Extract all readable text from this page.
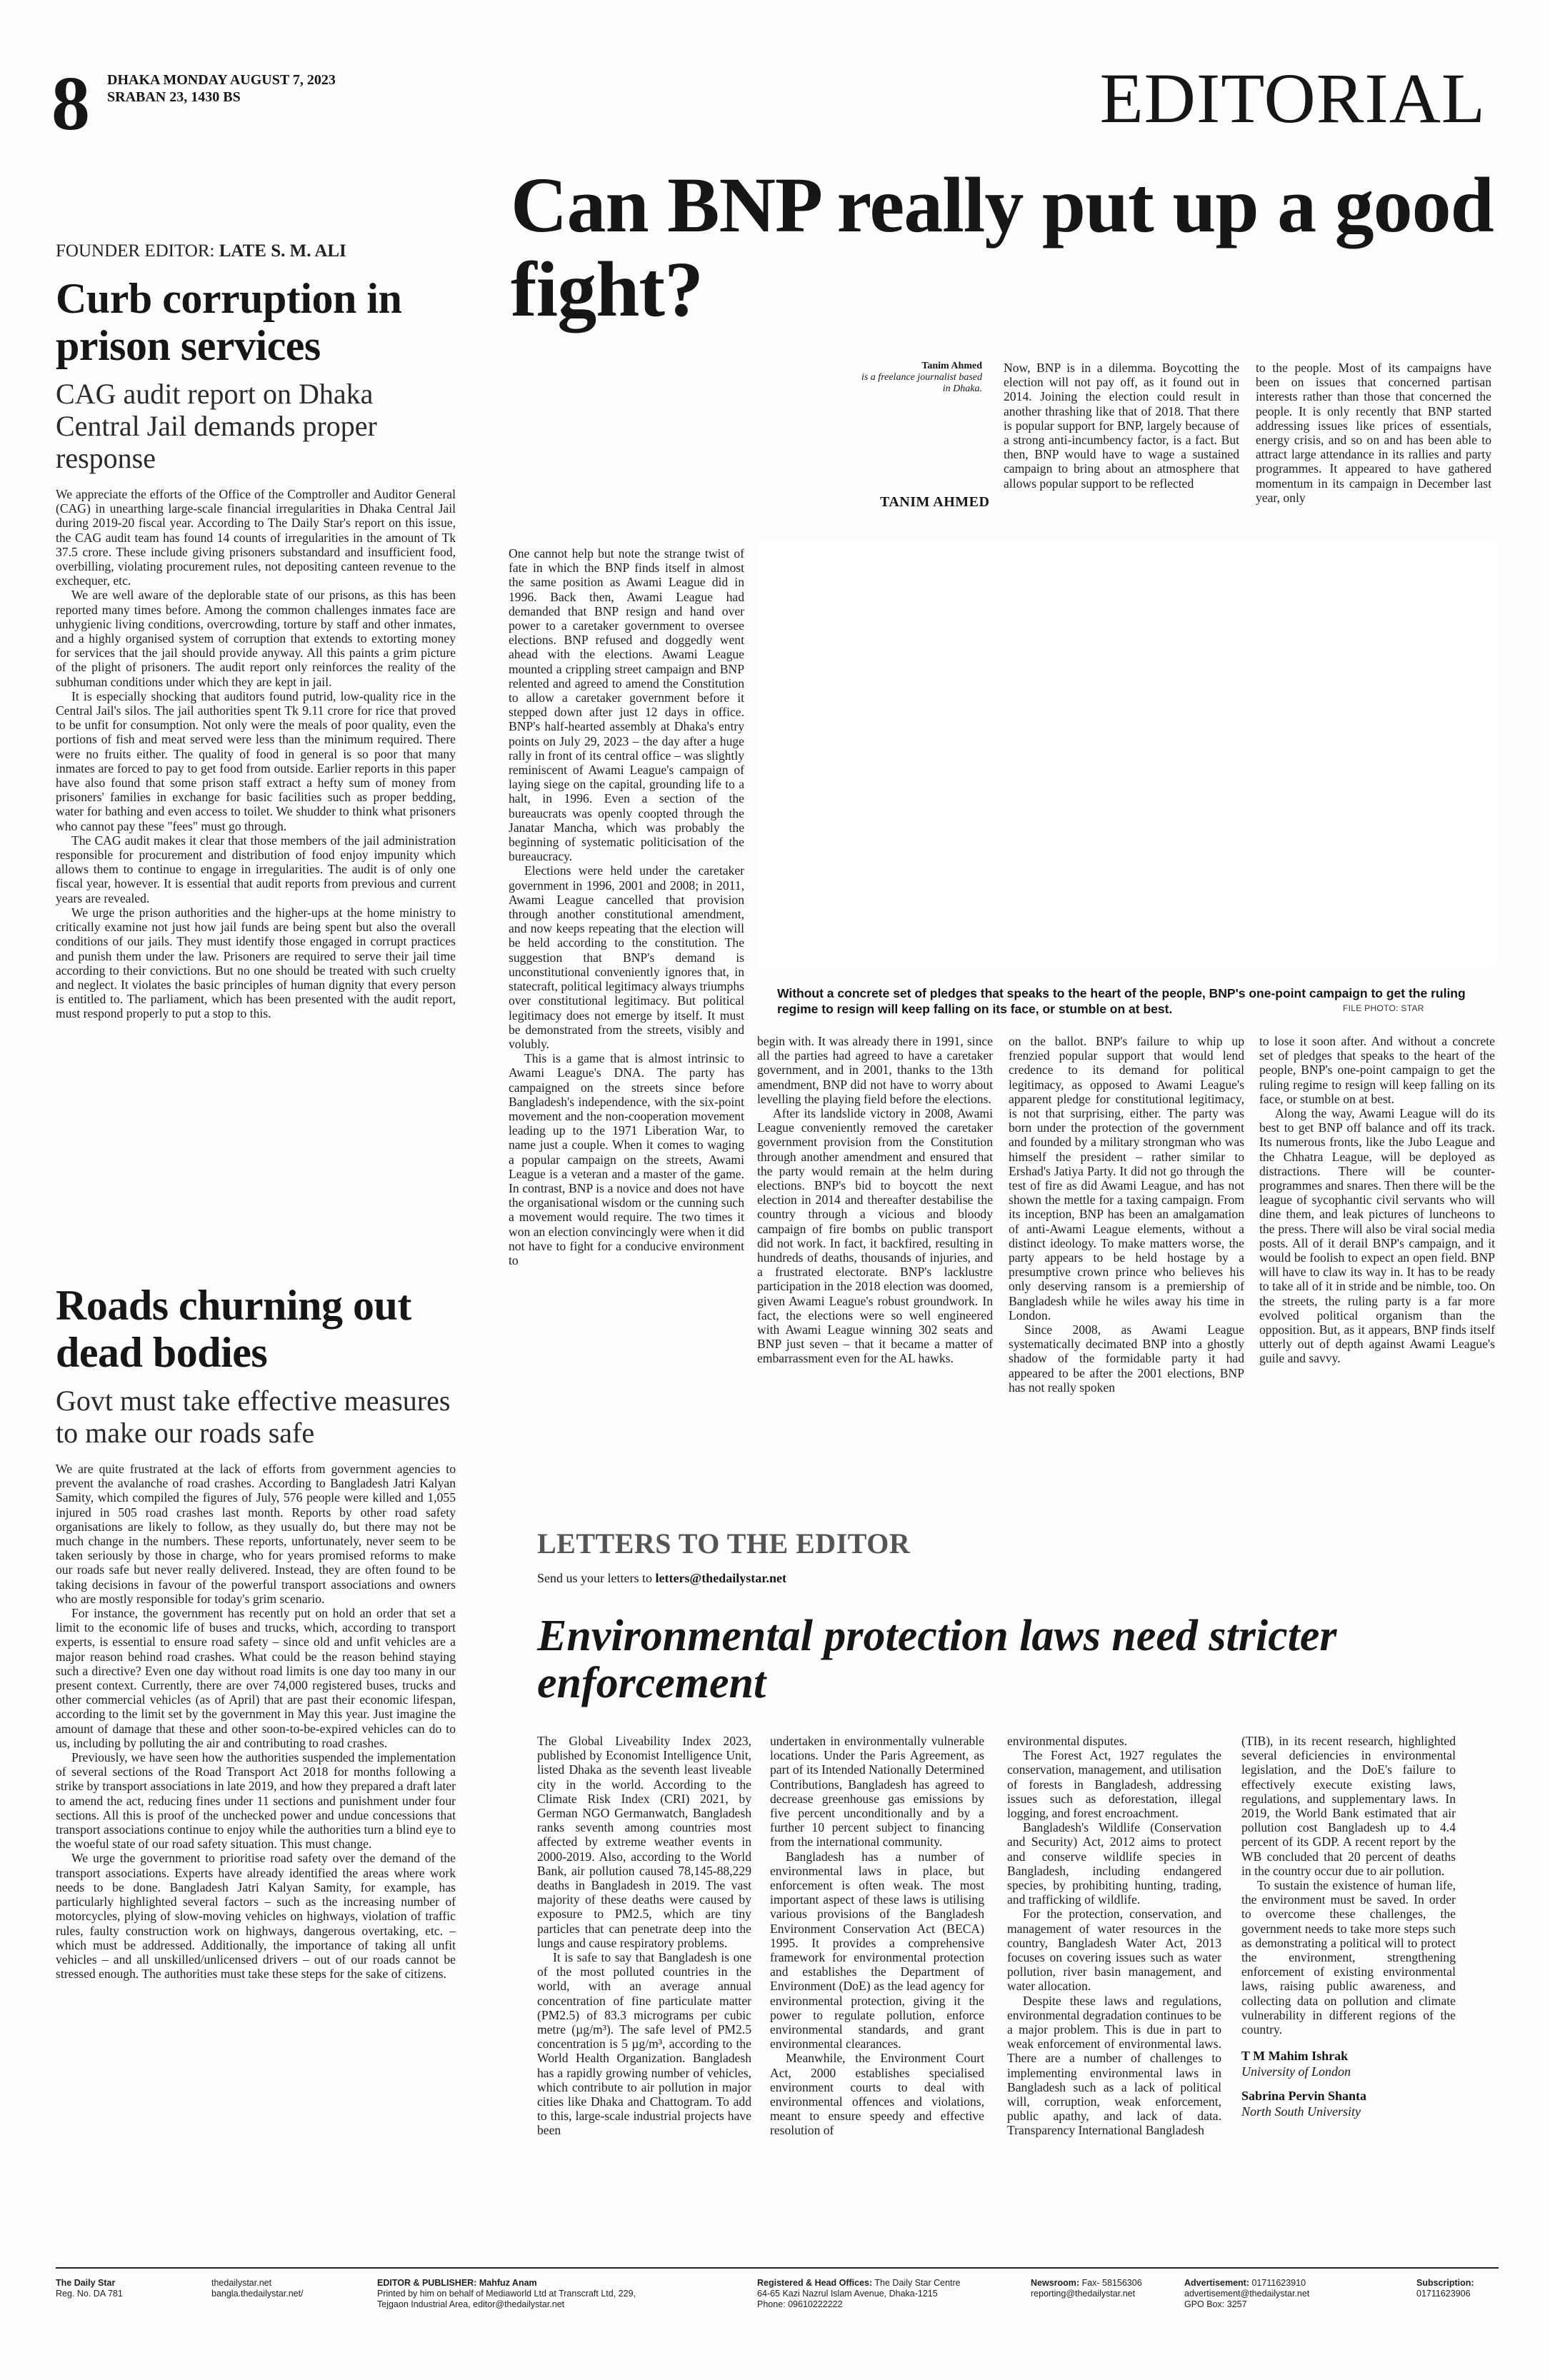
8 DHAKA MONDAY AUGUST 7, 2023
SRABAN 23, 1430 BS	EDITORIAL
FOUNDER EDITOR: LATE S. M. ALI
Curb corruption in prison services
CAG audit report on Dhaka Central Jail demands proper response

We appreciate the efforts of the Office of the Comptroller and Auditor General (CAG) in unearthing large-scale financial irregularities in Dhaka Central Jail during 2019-20 fiscal year. According to The Daily Star's report on this issue, the CAG audit team has found 14 counts of irregularities in the amount of Tk 37.5 crore. These include giving prisoners substandard and insufficient food, overbilling, violating procurement rules, not depositing canteen revenue to the exchequer, etc.

We are well aware of the deplorable state of our prisons, as this has been reported many times before. Among the common challenges inmates face are unhygienic living conditions, overcrowding, torture by staff and other inmates, and a highly organised system of corruption that extends to extorting money for services that the jail should provide anyway. All this paints a grim picture of the plight of prisoners. The audit report only reinforces the reality of the subhuman conditions under which they are kept in jail.

It is especially shocking that auditors found putrid, low-quality rice in the Central Jail's silos. The jail authorities spent Tk 9.11 crore for rice that proved to be unfit for consumption. Not only were the meals of poor quality, even the portions of fish and meat served were less than the minimum required. There were no fruits either. The quality of food in general is so poor that many inmates are forced to pay to get food from outside. Earlier reports in this paper have also found that some prison staff extract a hefty sum of money from prisoners' families in exchange for basic facilities such as proper bedding, water for bathing and even access to toilet. We shudder to think what prisoners who cannot pay these "fees" must go through.

The CAG audit makes it clear that those members of the jail administration responsible for procurement and distribution of food enjoy impunity which allows them to continue to engage in irregularities. The audit is of only one fiscal year, however. It is essential that audit reports from previous and current years are revealed.

We urge the prison authorities and the higher-ups at the home ministry to critically examine not just how jail funds are being spent but also the overall conditions of our jails. They must identify those engaged in corrupt practices and punish them under the law. Prisoners are required to serve their jail time according to their convictions. But no one should be treated with such cruelty and neglect. It violates the basic principles of human dignity that every person is entitled to. The parliament, which has been presented with the audit report, must respond properly to put a stop to this.

Roads churning out dead bodies
Govt must take effective measures to make our roads safe

We are quite frustrated at the lack of efforts from government agencies to prevent the avalanche of road crashes. According to Bangladesh Jatri Kalyan Samity, which compiled the figures of July, 576 people were killed and 1,055 injured in 505 road crashes last month. Reports by other road safety organisations are likely to follow, as they usually do, but there may not be much change in the numbers. These reports, unfortunately, never seem to be taken seriously by those in charge, who for years promised reforms to make our roads safe but never really delivered. Instead, they are often found to be taking decisions in favour of the powerful transport associations and owners who are mostly responsible for today's grim scenario.

For instance, the government has recently put on hold an order that set a limit to the economic life of buses and trucks, which, according to transport experts, is essential to ensure road safety – since old and unfit vehicles are a major reason behind road crashes. What could be the reason behind staying such a directive? Even one day without road limits is one day too many in our present context. Currently, there are over 74,000 registered buses, trucks and other commercial vehicles (as of April) that are past their economic lifespan, according to the limit set by the government in May this year. Just imagine the amount of damage that these and other soon-to-be-expired vehicles can do to us, including by polluting the air and contributing to road crashes.

Previously, we have seen how the authorities suspended the implementation of several sections of the Road Transport Act 2018 for months following a strike by transport associations in late 2019, and how they prepared a draft later to amend the act, reducing fines under 11 sections and punishment under four sections. All this is proof of the unchecked power and undue concessions that transport associations continue to enjoy while the authorities turn a blind eye to the woeful state of our road safety situation. This must change.

We urge the government to prioritise road safety over the demand of the transport associations. Experts have already identified the areas where work needs to be done. Bangladesh Jatri Kalyan Samity, for example, has particularly highlighted several factors – such as the increasing number of motorcycles, plying of slow-moving vehicles on highways, violation of traffic rules, faulty construction work on highways, dangerous overtaking, etc. – which must be addressed. Additionally, the importance of taking all unfit vehicles – and all unskilled/unlicensed drivers – out of our roads cannot be stressed enough. The authorities must take these steps for the sake of citizens.

Can BNP really put up a good fight?
Tanim Ahmed
is a freelance journalist based in Dhaka.
TANIM AHMED

Now, BNP is in a dilemma. Boycotting the election will not pay off, as it found out in 2014. Joining the election could result in another thrashing like that of 2018. That there is popular support for BNP, largely because of a strong anti-incumbency factor, is a fact. But then, BNP would have to wage a sustained campaign to bring about an atmosphere that allows popular support to be reflected

to the people. Most of its campaigns have been on issues that concerned partisan interests rather than those that concerned the people. It is only recently that BNP started addressing issues like prices of essentials, energy crisis, and so on and has been able to attract large attendance in its rallies and party programmes. It appeared to have gathered momentum in its campaign in December last year, only

One cannot help but note the strange twist of fate in which the BNP finds itself in almost the same position as Awami League did in 1996. Back then, Awami League had demanded that BNP resign and hand over power to a caretaker government to oversee elections. BNP refused and doggedly went ahead with the elections. Awami League mounted a crippling street campaign and BNP relented and agreed to amend the Constitution to allow a caretaker government before it stepped down after just 12 days in office. BNP's half-hearted assembly at Dhaka's entry points on July 29, 2023 – the day after a huge rally in front of its central office – was slightly reminiscent of Awami League's campaign of laying siege on the capital, grounding life to a halt, in 1996. Even a section of the bureaucrats was openly coopted through the Janatar Mancha, which was probably the beginning of systematic politicisation of the bureaucracy.

Elections were held under the caretaker government in 1996, 2001 and 2008; in 2011, Awami League cancelled that provision through another constitutional amendment, and now keeps repeating that the election will be held according to the constitution. The suggestion that BNP's demand is unconstitutional conveniently ignores that, in statecraft, political legitimacy always triumphs over constitutional legitimacy. But political legitimacy does not emerge by itself. It must be demonstrated from the streets, visibly and volubly.

This is a game that is almost intrinsic to Awami League's DNA. The party has campaigned on the streets since before Bangladesh's independence, with the six-point movement and the non-cooperation movement leading up to the 1971 Liberation War, to name just a couple. When it comes to waging a popular campaign on the streets, Awami League is a veteran and a master of the game. In contrast, BNP is a novice and does not have the organisational wisdom or the cunning such a movement would require. The two times it won an election convincingly were when it did not have to fight for a conducive environment to

Without a concrete set of pledges that speaks to the heart of the people, BNP's one-point campaign to get the ruling regime to resign will keep falling on its face, or stumble on at best.	FILE PHOTO: STAR

begin with. It was already there in 1991, since all the parties had agreed to have a caretaker government, and in 2001, thanks to the 13th amendment, BNP did not have to worry about levelling the playing field before the elections.

After its landslide victory in 2008, Awami League conveniently removed the caretaker government provision from the Constitution through another amendment and ensured that the party would remain at the helm during elections. BNP's bid to boycott the next election in 2014 and thereafter destabilise the country through a vicious and bloody campaign of fire bombs on public transport did not work. In fact, it backfired, resulting in hundreds of deaths, thousands of injuries, and a frustrated electorate. BNP's lacklustre participation in the 2018 election was doomed, given Awami League's robust groundwork. In fact, the elections were so well engineered with Awami League winning 302 seats and BNP just seven – that it became a matter of embarrassment even for the AL hawks.

on the ballot. BNP's failure to whip up frenzied popular support that would lend credence to its demand for political legitimacy, as opposed to Awami League's apparent pledge for constitutional legitimacy, is not that surprising, either. The party was born under the protection of the government and founded by a military strongman who was himself the president – rather similar to Ershad's Jatiya Party. It did not go through the test of fire as did Awami League, and has not shown the mettle for a taxing campaign. From its inception, BNP has been an amalgamation of anti-Awami League elements, without a distinct ideology. To make matters worse, the party appears to be held hostage by a presumptive crown prince who believes his only deserving ransom is a premiership of Bangladesh while he wiles away his time in London.

Since 2008, as Awami League systematically decimated BNP into a ghostly shadow of the formidable party it had appeared to be after the 2001 elections, BNP has not really spoken

to lose it soon after. And without a concrete set of pledges that speaks to the heart of the people, BNP's one-point campaign to get the ruling regime to resign will keep falling on its face, or stumble on at best.

Along the way, Awami League will do its best to get BNP off balance and off its track. Its numerous fronts, like the Jubo League and the Chhatra League, will be deployed as distractions. There will be counter-programmes and snares. Then there will be the league of sycophantic civil servants who will dine them, and leak pictures of luncheons to the press. There will also be viral social media posts. All of it derail BNP's campaign, and it would be foolish to expect an open field. BNP will have to claw its way in. It has to be ready to take all of it in stride and be nimble, too. On the streets, the ruling party is a far more evolved political organism than the opposition. But, as it appears, BNP finds itself utterly out of depth against Awami League's guile and savvy.

LETTERS TO THE EDITOR
Send us your letters to letters@thedailystar.net
Environmental protection laws need stricter enforcement

The Global Liveability Index 2023, published by Economist Intelligence Unit, listed Dhaka as the seventh least liveable city in the world. According to the Climate Risk Index (CRI) 2021, by German NGO Germanwatch, Bangladesh ranks seventh among countries most affected by extreme weather events in 2000-2019. Also, according to the World Bank, air pollution caused 78,145-88,229 deaths in Bangladesh in 2019. The vast majority of these deaths were caused by exposure to PM2.5, which are tiny particles that can penetrate deep into the lungs and cause respiratory problems.

It is safe to say that Bangladesh is one of the most polluted countries in the world, with an average annual concentration of fine particulate matter (PM2.5) of 83.3 micrograms per cubic metre (µg/m³). The safe level of PM2.5 concentration is 5 µg/m³, according to the World Health Organization. Bangladesh has a rapidly growing number of vehicles, which contribute to air pollution in major cities like Dhaka and Chattogram. To add to this, large-scale industrial projects have been

undertaken in environmentally vulnerable locations. Under the Paris Agreement, as part of its Intended Nationally Determined Contributions, Bangladesh has agreed to decrease greenhouse gas emissions by five percent unconditionally and by a further 10 percent subject to financing from the international community.

Bangladesh has a number of environmental laws in place, but enforcement is often weak. The most important aspect of these laws is utilising various provisions of the Bangladesh Environment Conservation Act (BECA) 1995. It provides a comprehensive framework for environmental protection and establishes the Department of Environment (DoE) as the lead agency for environmental protection, giving it the power to regulate pollution, enforce environmental standards, and grant environmental clearances.

Meanwhile, the Environment Court Act, 2000 establishes specialised environment courts to deal with environmental offences and violations, meant to ensure speedy and effective resolution of

environmental disputes.

The Forest Act, 1927 regulates the conservation, management, and utilisation of forests in Bangladesh, addressing issues such as deforestation, illegal logging, and forest encroachment.

Bangladesh's Wildlife (Conservation and Security) Act, 2012 aims to protect and conserve wildlife species in Bangladesh, including endangered species, by prohibiting hunting, trading, and trafficking of wildlife.

For the protection, conservation, and management of water resources in the country, Bangladesh Water Act, 2013 focuses on covering issues such as water pollution, river basin management, and water allocation.

Despite these laws and regulations, environmental degradation continues to be a major problem. This is due in part to weak enforcement of environmental laws. There are a number of challenges to implementing environmental laws in Bangladesh such as a lack of political will, corruption, weak enforcement, public apathy, and lack of data. Transparency International Bangladesh

(TIB), in its recent research, highlighted several deficiencies in environmental legislation, and the DoE's failure to effectively execute existing laws, regulations, and supplementary laws. In 2019, the World Bank estimated that air pollution cost Bangladesh up to 4.4 percent of its GDP. A recent report by the WB concluded that 20 percent of deaths in the country occur due to air pollution.

To sustain the existence of human life, the environment must be saved. In order to overcome these challenges, the government needs to take more steps such as demonstrating a political will to protect the environment, strengthening enforcement of existing environmental laws, raising public awareness, and collecting data on pollution and climate vulnerability in different regions of the country.

T M Mahim Ishrak
University of London
Sabrina Pervin Shanta
North South University
The Daily Star
Reg. No. DA 781
thedailystar.net
bangla.thedailystar.net/
EDITOR & PUBLISHER: Mahfuz Anam
Printed by him on behalf of Mediaworld Ltd at Transcraft Ltd, 229,
Tejgaon Industrial Area, editor@thedailystar.net
Registered & Head Offices: The Daily Star Centre
64-65 Kazi Nazrul Islam Avenue, Dhaka-1215
Phone: 09610222222
Newsroom: Fax- 58156306
reporting@thedailystar.net
Advertisement: 01711623910
advertisement@thedailystar.net
GPO Box: 3257
Subscription:
01711623906
